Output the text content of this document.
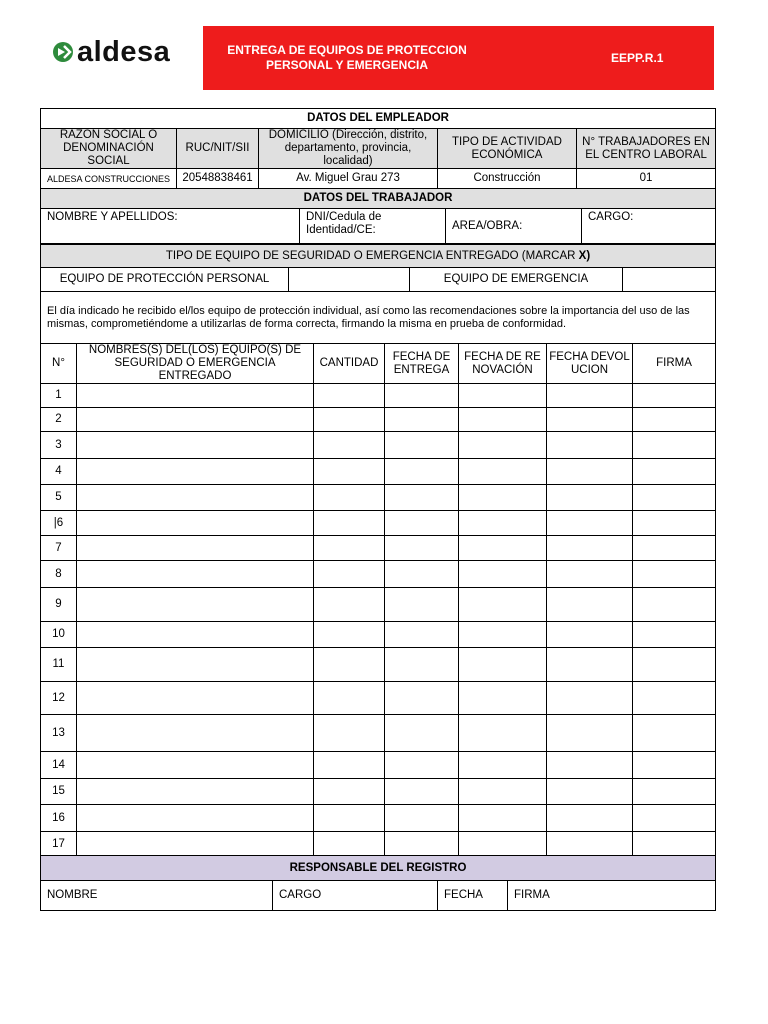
aldesa	ENTREGA DE EQUIPOS DE PROTECCION PERSONAL Y EMERGENCIA	EEPP.R.1
DATOS DEL EMPLEADOR				
RAZÓN SOCIAL O DENOMINACIÓN SOCIAL	RUC/NIT/SII	DOMICILIO (Dirección, distrito, departamento, provincia, localidad)	TIPO DE ACTIVIDAD ECONÓMICA	N° TRABAJADORES EN EL CENTRO LABORAL
ALDESA CONSTRUCCIONES	20548838461	Av. Miguel Grau 273	Construcción	01
DATOS DEL TRABAJADOR
NOMBRE Y APELLIDOS:	DNI/Cedula de Identidad/CE:	AREA/OBRA:	CARGO:
TIPO DE EQUIPO DE SEGURIDAD O EMERGENCIA ENTREGADO (MARCAR X)
EQUIPO DE PROTECCIÓN PERSONAL		EQUIPO DE EMERGENCIA	
El día indicado he recibido el/los equipo de protección individual, así como las recomendaciones sobre la importancia del uso de las mismas, comprometiéndome a utilizarlas de forma correcta, firmando la misma en prueba de conformidad.
N°	NOMBRES(S) DEL(LOS) EQUIPO(S) DE SEGURIDAD O EMERGENCIA ENTREGADO	CANTIDAD	FECHA DE ENTREGA	FECHA DE RENOVACIÓN	FECHA DEVOLUCION	FIRMA
1						
2						
3						
4						
5						
|6						
7						
8						
9						
10						
11						
12						
13						
14						
15						
16						
17						
RESPONSABLE DEL REGISTRO
NOMBRE	CARGO	FECHA	FIRMA
